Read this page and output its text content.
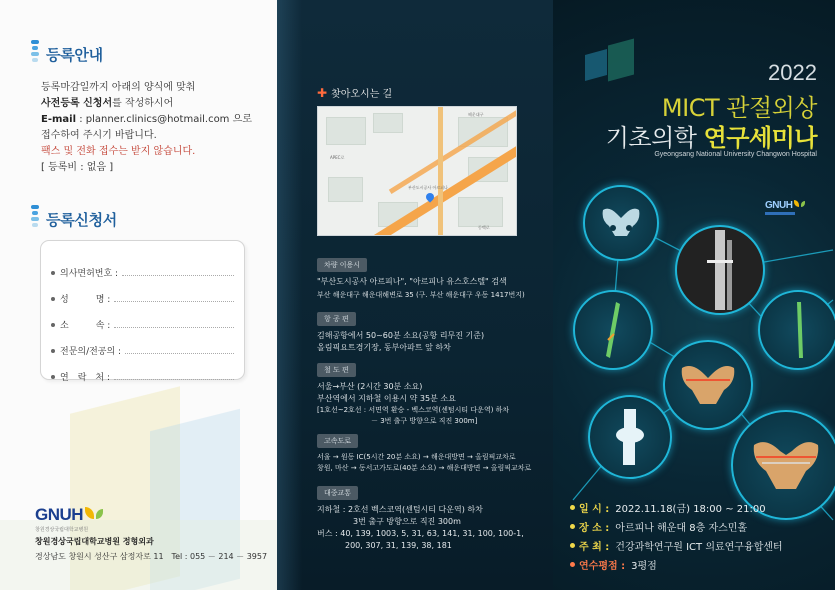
등록안내
등록마감일까지 아래의 양식에 맞춰
사전등록 신청서를 작성하시어
E-mail : planner.clinics@hotmail.com 으로
접수하여 주시기 바랍니다.
팩스 및 전화 접수는 받지 않습니다.
[ 등록비 : 없음 ]
등록신청서
의사면허번호 :
성　　　명 :
소　　　속 :
전문의/전공의 :
연　락　처 :
GNUH
창원경상국립대학교병원
창원경상국립대학교병원 정형외과
경상남도 창원시 성산구 삼정자로 11　Tel : 055 － 214 － 3957
✚ 찾아오시는 길
부산도시공사 아르피나
해운대구
APEC로
동백로
차량 이용시
"부산도시공사 아르피나", "아르피나 유스호스텔" 검색
부산 해운대구 해운대해변로 35 (구. 부산 해운대구 우동 1417번지)
항 공 편
김해공항에서 50~60분 소요(공항 리무진 기준)
올림픽요트경기장, 동부아파트 앞 하차
철 도 편
서울→부산 (2시간 30분 소요)
부산역에서 지하철 이용시 약 35분 소요
[1호선~2호선 : 서면역 환승 - 벡스코역(센텀시티 다운역) 하차
－ 3번 출구 방향으로 직진 300m]
고속도로
서울 → 원동 IC(5시간 20분 소요) → 해운대방면 → 올림픽교차로
창원, 마산 → 동서고가도로(40분 소요) → 해운대방면 → 올림픽교차로
대중교통
지하철 : 2호선 벡스코역(센텀시티 다운역) 하차
3번 출구 방향으로 직진 300m
버스 : 40, 139, 1003, 5, 31, 63, 141, 31, 100, 100-1,
200, 307, 31, 139, 38, 181
2022
MICT 관절외상
기초의학 연구세미나
Gyeongsang National University Changwon Hospital
GNUH
일 시 : 2022.11.18(금) 18:00 ~ 21:00
장 소 : 아르피나 해운대 8층 자스민홀
주 최 : 건강과학연구원 ICT 의료연구융합센터
연수평점 : 3평점
